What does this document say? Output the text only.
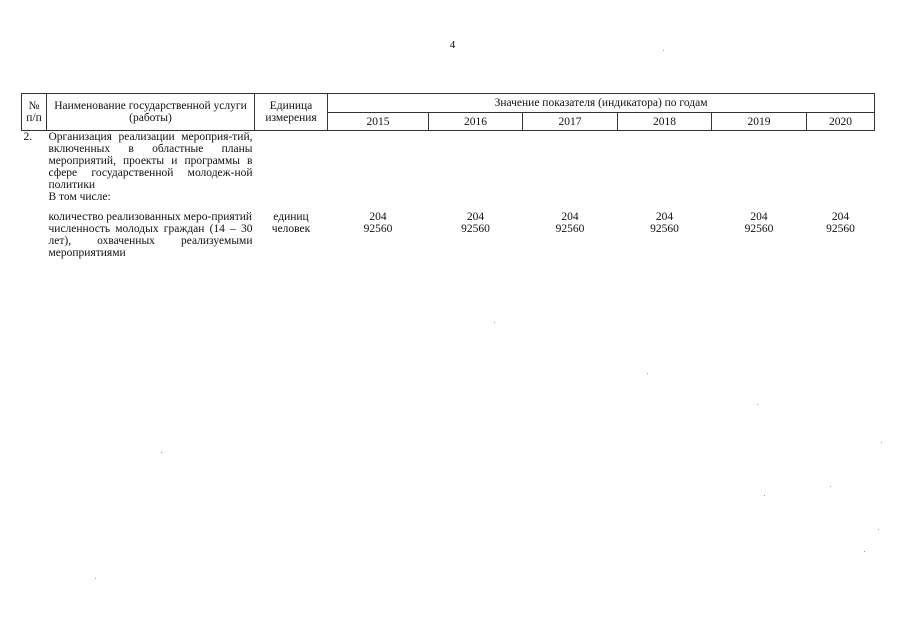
4
№ п/п	Наименование государственной услуги (работы)	Единица измерения	Значение показателя (индикатора) по годам					
			2015	2016	2017	2018	2019	2020
2.	Организация реализации мероприя-тий, включенных в областные планы мероприятий, проекты и программы в сфере государственной молодеж-ной политики
В том числе:							

	количество реализованных меро-приятий	единиц	204	204	204	204	204	204
	численность молодых граждан (14 – 30 лет), охваченных реализуемыми мероприятиями	человек	92560	92560	92560	92560	92560	92560
